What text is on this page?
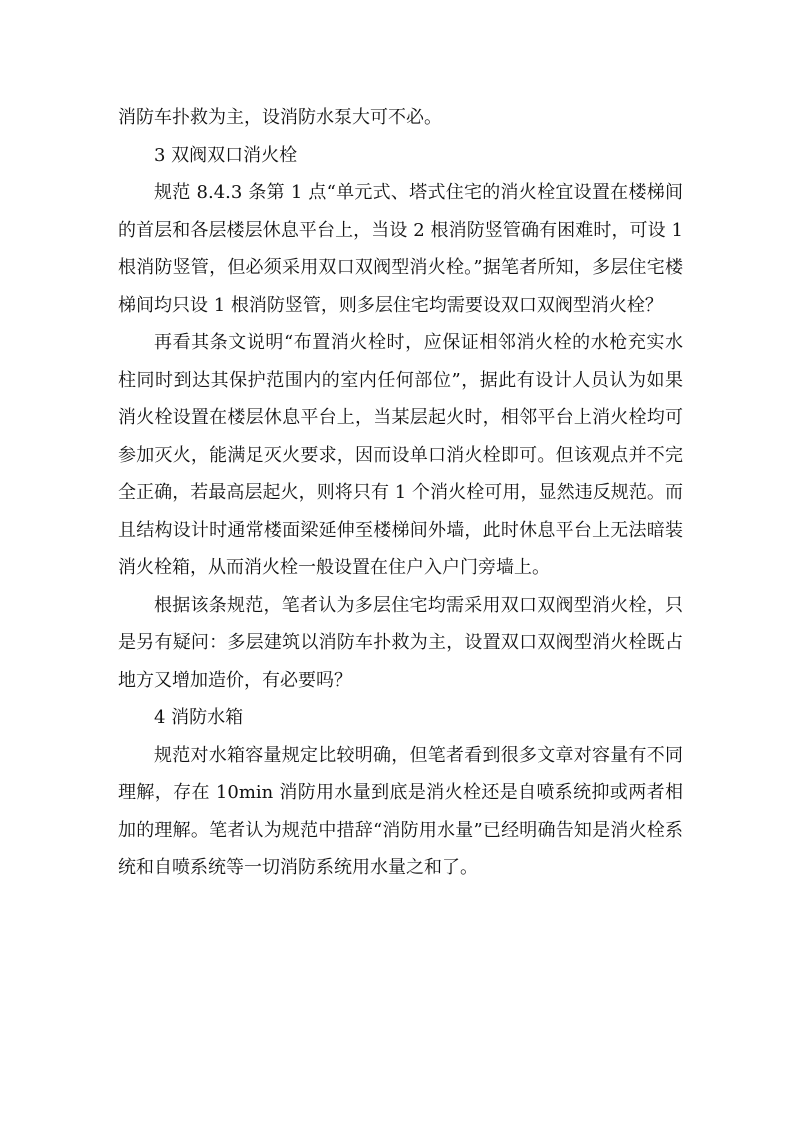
消防车扑救为主，设消防水泵大可不必。

3 双阀双口消火栓

规范 8.4.3 条第 1 点“单元式、塔式住宅的消火栓宜设置在楼梯间的首层和各层楼层休息平台上，当设 2 根消防竖管确有困难时，可设 1 根消防竖管，但必须采用双口双阀型消火栓。”据笔者所知，多层住宅楼梯间均只设 1 根消防竖管，则多层住宅均需要设双口双阀型消火栓？

再看其条文说明“布置消火栓时，应保证相邻消火栓的水枪充实水柱同时到达其保护范围内的室内任何部位”，据此有设计人员认为如果消火栓设置在楼层休息平台上，当某层起火时，相邻平台上消火栓均可参加灭火，能满足灭火要求，因而设单口消火栓即可。但该观点并不完全正确，若最高层起火，则将只有 1 个消火栓可用，显然违反规范。而且结构设计时通常楼面梁延伸至楼梯间外墙，此时休息平台上无法暗装消火栓箱，从而消火栓一般设置在住户入户门旁墙上。

根据该条规范，笔者认为多层住宅均需采用双口双阀型消火栓，只是另有疑问：多层建筑以消防车扑救为主，设置双口双阀型消火栓既占地方又增加造价，有必要吗？

4 消防水箱

规范对水箱容量规定比较明确，但笔者看到很多文章对容量有不同理解，存在 10min 消防用水量到底是消火栓还是自喷系统抑或两者相加的理解。笔者认为规范中措辞“消防用水量”已经明确告知是消火栓系统和自喷系统等一切消防系统用水量之和了。
